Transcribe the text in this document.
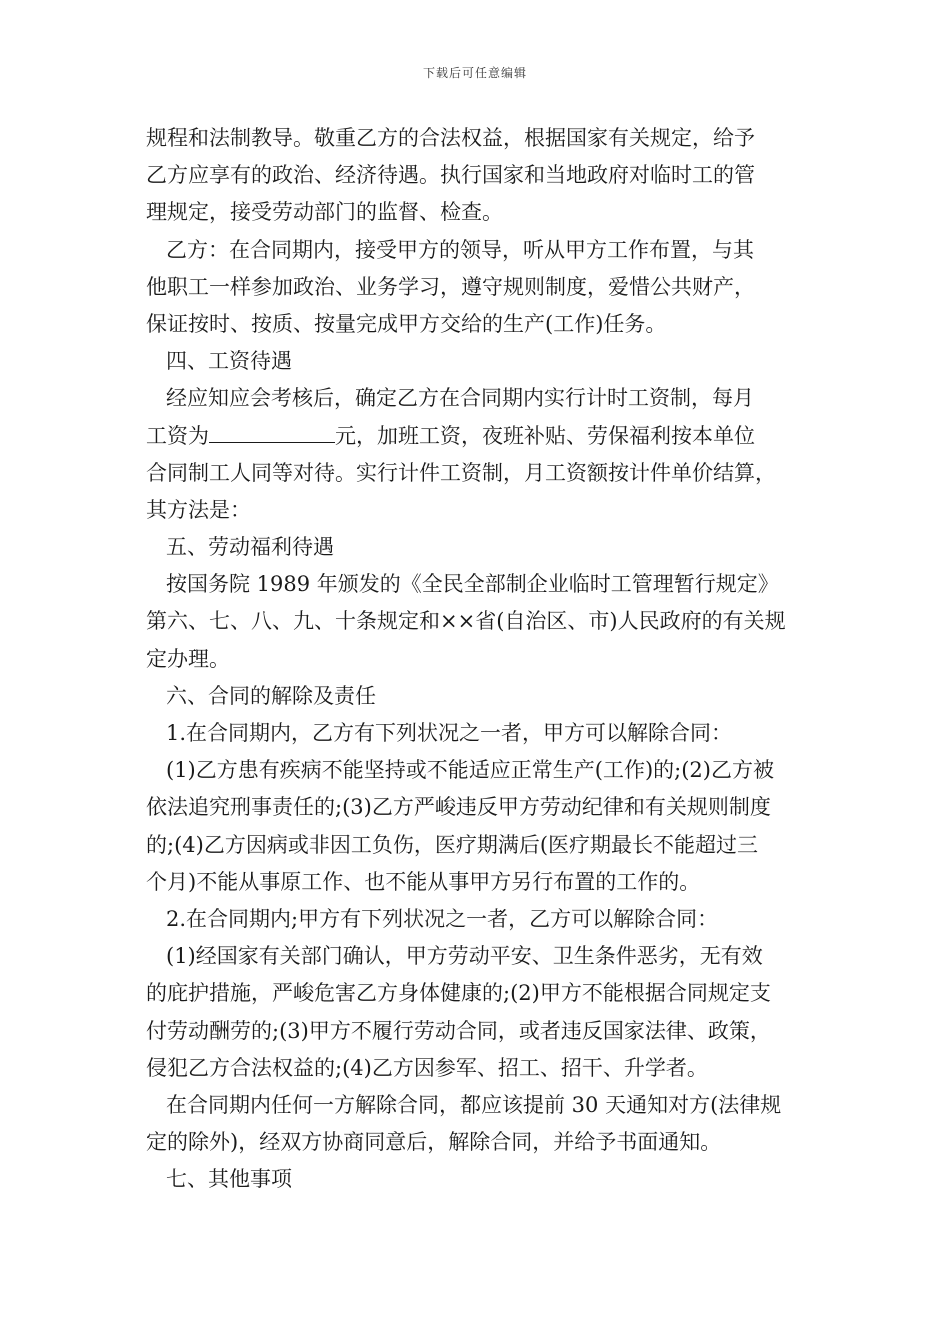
下载后可任意编辑
规程和法制教导。敬重乙方的合法权益，根据国家有关规定，给予
乙方应享有的政治、经济待遇。执行国家和当地政府对临时工的管
理规定，接受劳动部门的监督、检查。
乙方：在合同期内，接受甲方的领导，听从甲方工作布置，与其
他职工一样参加政治、业务学习，遵守规则制度，爱惜公共财产，
保证按时、按质、按量完成甲方交给的生产(工作)任务。
四、工资待遇
经应知应会考核后，确定乙方在合同期内实行计时工资制，每月
工资为	元，加班工资，夜班补贴、劳保福利按本单位
合同制工人同等对待。实行计件工资制，月工资额按计件单价结算，
其方法是：
五、劳动福利待遇
按国务院 1989 年颁发的《全民全部制企业临时工管理暂行规定》
第六、七、八、九、十条规定和××省(自治区、市)人民政府的有关规
定办理。
六、合同的解除及责任
1.在合同期内，乙方有下列状况之一者，甲方可以解除合同：
(1)乙方患有疾病不能坚持或不能适应正常生产(工作)的;(2)乙方被
依法追究刑事责任的;(3)乙方严峻违反甲方劳动纪律和有关规则制度
的;(4)乙方因病或非因工负伤，医疗期满后(医疗期最长不能超过三
个月)不能从事原工作、也不能从事甲方另行布置的工作的。
2.在合同期内;甲方有下列状况之一者，乙方可以解除合同：
(1)经国家有关部门确认，甲方劳动平安、卫生条件恶劣，无有效
的庇护措施，严峻危害乙方身体健康的;(2)甲方不能根据合同规定支
付劳动酬劳的;(3)甲方不履行劳动合同，或者违反国家法律、政策，
侵犯乙方合法权益的;(4)乙方因参军、招工、招干、升学者。
在合同期内任何一方解除合同，都应该提前 30 天通知对方(法律规
定的除外)，经双方协商同意后，解除合同，并给予书面通知。
七、其他事项
